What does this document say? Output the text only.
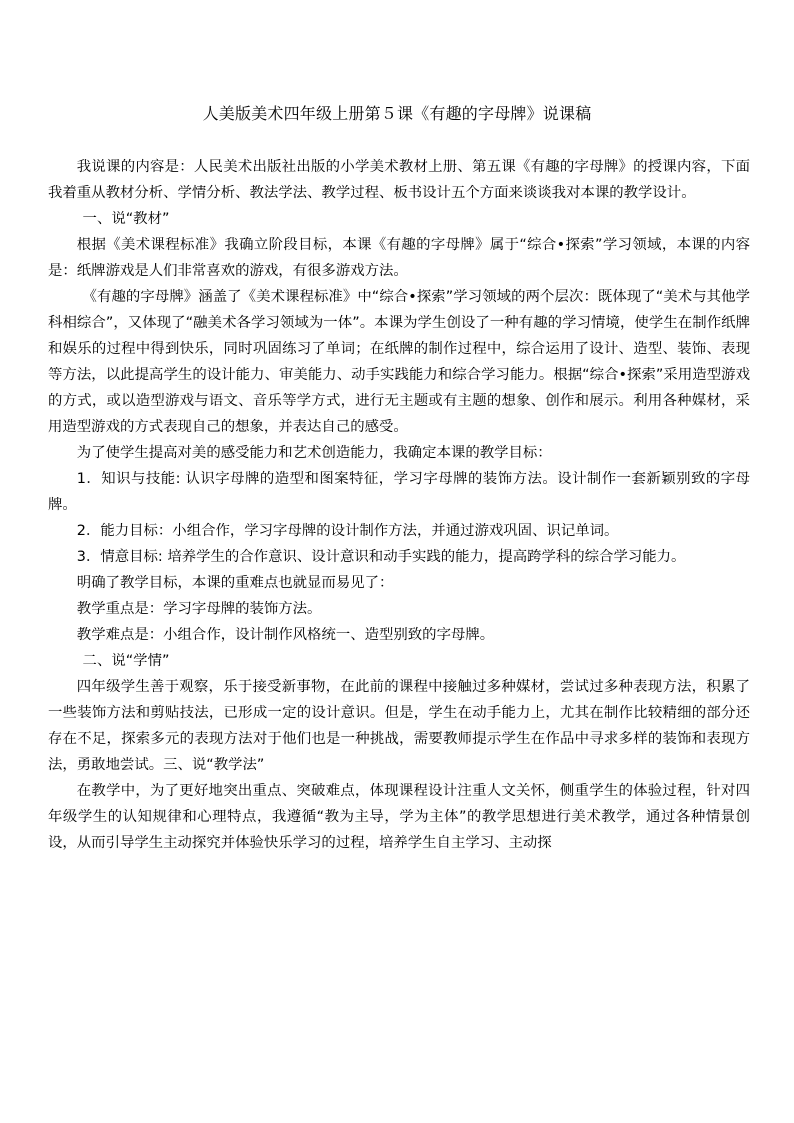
人美版美术四年级上册第５课《有趣的字母牌》说课稿

我说课的内容是：人民美术出版社出版的小学美术教材上册、第五课《有趣的字母牌》的授课内容，下面我着重从教材分析、学情分析、教法学法、教学过程、板书设计五个方面来谈谈我对本课的教学设计。

一、说“教材”

根据《美术课程标准》我确立阶段目标，本课《有趣的字母牌》属于“综合•探索”学习领域，本课的内容是：纸牌游戏是人们非常喜欢的游戏，有很多游戏方法。

《有趣的字母牌》涵盖了《美术课程标准》中“综合•探索”学习领域的两个层次：既体现了“美术与其他学科相综合”，又体现了“融美术各学习领域为一体”。本课为学生创设了一种有趣的学习情境，使学生在制作纸牌和娱乐的过程中得到快乐，同时巩固练习了单词；在纸牌的制作过程中，综合运用了设计、造型、装饰、表现等方法，以此提高学生的设计能力、审美能力、动手实践能力和综合学习能力。根据“综合•探索”采用造型游戏的方式，或以造型游戏与语文、音乐等学方式，进行无主题或有主题的想象、创作和展示。利用各种媒材，采用造型游戏的方式表现自己的想象，并表达自己的感受。

为了使学生提高对美的感受能力和艺术创造能力，我确定本课的教学目标：

1．知识与技能: 认识字母牌的造型和图案特征，学习字母牌的装饰方法。设计制作一套新颖别致的字母牌。

2．能力目标：小组合作，学习字母牌的设计制作方法，并通过游戏巩固、识记单词。

3．情意目标: 培养学生的合作意识、设计意识和动手实践的能力，提高跨学科的综合学习能力。

明确了教学目标，本课的重难点也就显而易见了：

教学重点是：学习字母牌的装饰方法。

教学难点是：小组合作，设计制作风格统一、造型别致的字母牌。

二、说“学情”

四年级学生善于观察，乐于接受新事物，在此前的课程中接触过多种媒材，尝试过多种表现方法，积累了一些装饰方法和剪贴技法，已形成一定的设计意识。但是，学生在动手能力上，尤其在制作比较精细的部分还存在不足，探索多元的表现方法对于他们也是一种挑战，需要教师提示学生在作品中寻求多样的装饰和表现方法，勇敢地尝试。三、说“教学法”

在教学中，为了更好地突出重点、突破难点，体现课程设计注重人文关怀，侧重学生的体验过程，针对四年级学生的认知规律和心理特点，我遵循“教为主导，学为主体”的教学思想进行美术教学，通过各种情景创设，从而引导学生主动探究并体验快乐学习的过程，培养学生自主学习、主动探
